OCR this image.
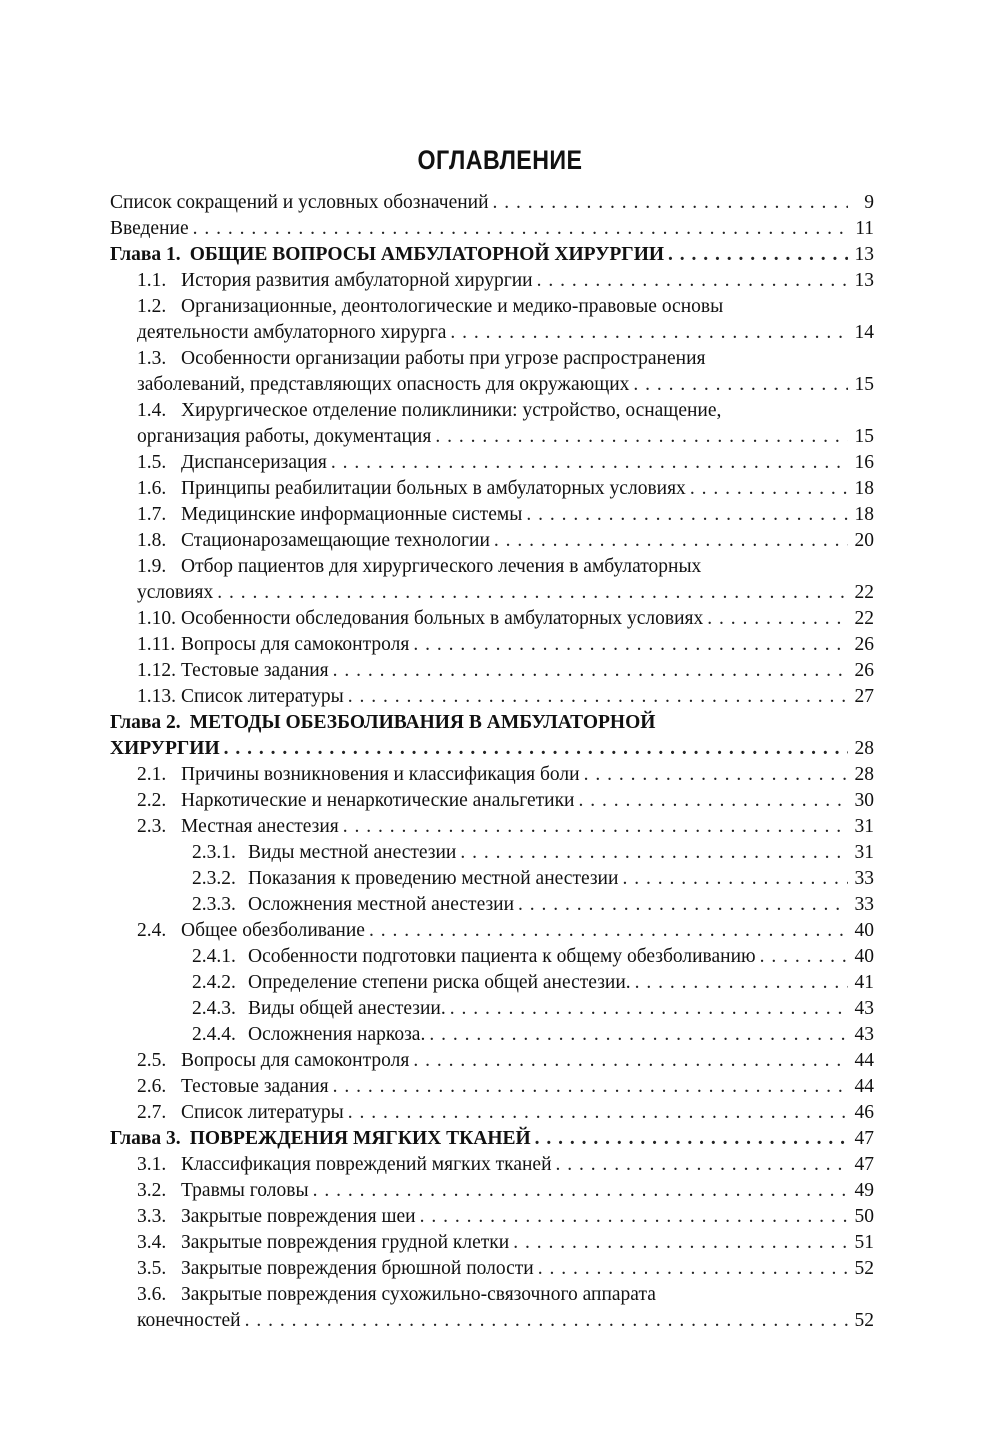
ОГЛАВЛЕНИЕ
Список сокращений и условных обозначений . . .	9
Введение . . .	11
Глава 1. ОБЩИЕ ВОПРОСЫ АМБУЛАТОРНОЙ ХИРУРГИИ . . .	13
1.1. История развития амбулаторной хирургии . . .	13
1.2. Организационные, деонтологические и медико-правовые основы
деятельности амбулаторного хирурга . . .	14
1.3. Особенности организации работы при угрозе распространения
заболеваний, представляющих опасность для окружающих . . .	15
1.4. Хирургическое отделение поликлиники: устройство, оснащение,
организация работы, документация . . .	15
1.5. Диспансеризация . . .	16
1.6. Принципы реабилитации больных в амбулаторных условиях . . .	18
1.7. Медицинские информационные системы . . .	18
1.8. Стационарозамещающие технологии . . .	20
1.9. Отбор пациентов для хирургического лечения в амбулаторных
условиях . . .	22
1.10. Особенности обследования больных в амбулаторных условиях . . .	22
1.11. Вопросы для самоконтроля . . .	26
1.12. Тестовые задания . . .	26
1.13. Список литературы . . .	27
Глава 2. МЕТОДЫ ОБЕЗБОЛИВАНИЯ В АМБУЛАТОРНОЙ
ХИРУРГИИ . . .	28
2.1. Причины возникновения и классификация боли . . .	28
2.2. Наркотические и ненаркотические анальгетики . . .	30
2.3. Местная анестезия . . .	31
2.3.1. Виды местной анестезии . . .	31
2.3.2. Показания к проведению местной анестезии . . .	33
2.3.3. Осложнения местной анестезии . . .	33
2.4. Общее обезболивание . . .	40
2.4.1. Особенности подготовки пациента к общему обезболиванию . . .	40
2.4.2. Определение степени риска общей анестезии. . . .	41
2.4.3. Виды общей анестезии. . . .	43
2.4.4. Осложнения наркоза. . . .	43
2.5. Вопросы для самоконтроля . . .	44
2.6. Тестовые задания . . .	44
2.7. Список литературы . . .	46
Глава 3. ПОВРЕЖДЕНИЯ МЯГКИХ ТКАНЕЙ . . .	47
3.1. Классификация повреждений мягких тканей . . .	47
3.2. Травмы головы . . .	49
3.3. Закрытые повреждения шеи . . .	50
3.4. Закрытые повреждения грудной клетки . . .	51
3.5. Закрытые повреждения брюшной полости . . .	52
3.6. Закрытые повреждения сухожильно-связочного аппарата
конечностей . . .	52
